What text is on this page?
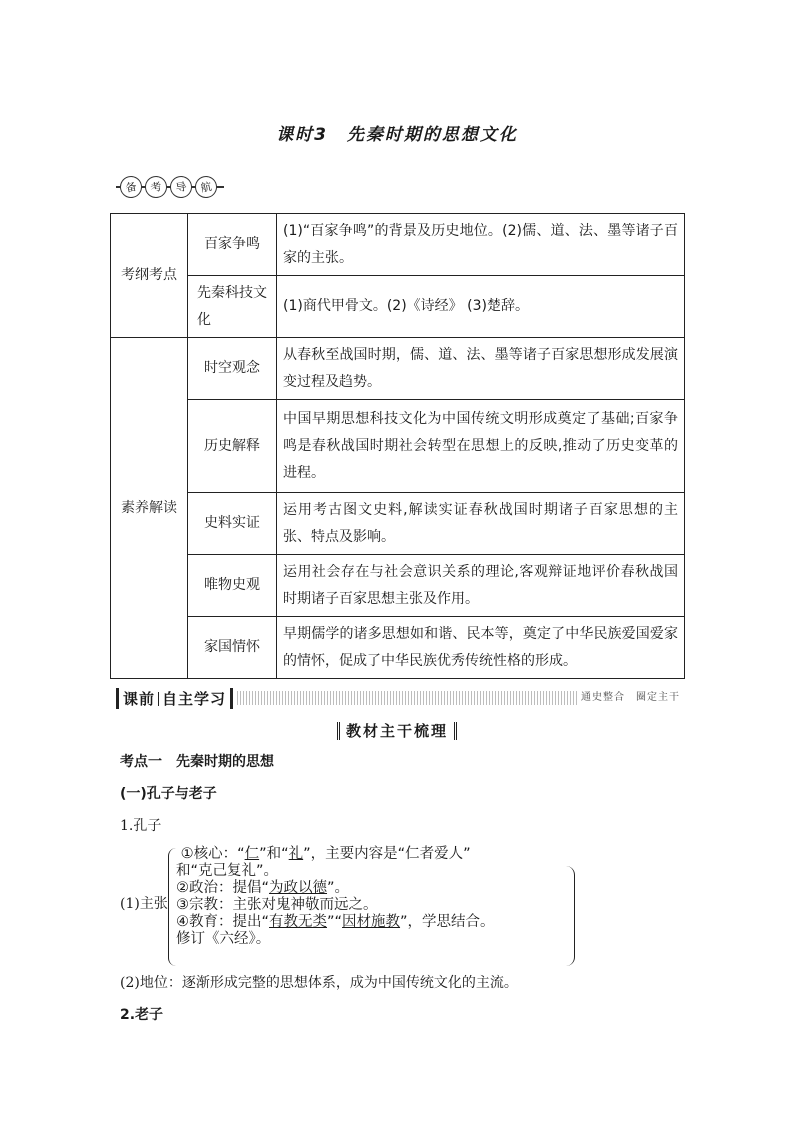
课时3　先秦时期的思想文化
备	考	导	航
考纲考点	百家争鸣	(1)“百家争鸣”的背景及历史地位。(2)儒、道、法、墨等诸子百家的主张。
	先秦科技文化	(1)商代甲骨文。(2)《诗经》 (3)楚辞。
素养解读	时空观念	从春秋至战国时期，儒、道、法、墨等诸子百家思想形成发展演变过程及趋势。
	历史解释	中国早期思想科技文化为中国传统文明形成奠定了基础;百家争鸣是春秋战国时期社会转型在思想上的反映,推动了历史变革的进程。
	史料实证	运用考古图文史料,解读实证春秋战国时期诸子百家思想的主张、特点及影响。
	唯物史观	运用社会存在与社会意识关系的理论,客观辩证地评价春秋战国时期诸子百家思想主张及作用。
	家国情怀	早期儒学的诸多思想如和谐、民本等，奠定了中华民族爱国爱家的情怀，促成了中华民族优秀传统性格的形成。
课前 自主学习	通史整合　圈定主干
教材主干梳理
考点一　先秦时期的思想
(一)孔子与老子
1.孔子
(1)主张
①核心：“仁”和“礼”，主要内容是“仁者爱人”
和“克己复礼”。
②政治：提倡“为政以德”。
③宗教：主张对鬼神敬而远之。
④教育：提出“有教无类”“因材施教”，学思结合。
修订《六经》。
(2)地位：逐渐形成完整的思想体系，成为中国传统文化的主流。
2.老子
